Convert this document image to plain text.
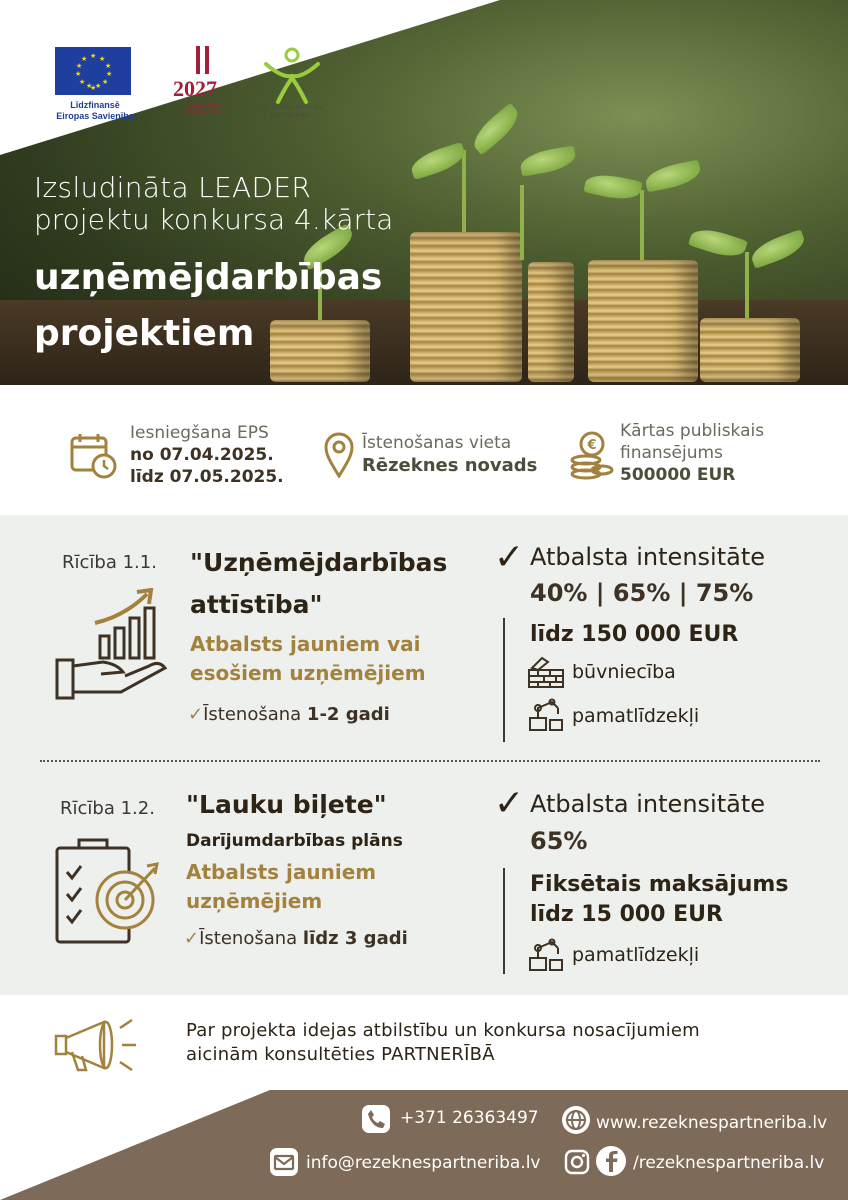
★ ★
★
★
★
★
★
★
★
★
★
★
Līdzfinansē
Eiropas Savienība
2027
Nacionālais
attīstības plāns
RĒZEKNES NOVADA
PARTNERĪBA
Izsludināta LEADER
projektu konkursa 4.kārta
uzņēmējdarbības
projektiem
Iesniegšana EPS
no 07.04.2025.
līdz 07.05.2025.
Īstenošanas vieta
Rēzeknes novads
€
Kārtas publiskais
finansējums
500000 EUR
Rīcība 1.1. "Uzņēmējdarbības
attīstība"
Atbalsts jauniem vai
esošiem uzņēmējiem
✓Īstenošana 1-2 gadi
✓ Atbalsta intensitāte
40% | 65% | 75%
līdz 150 000 EUR
būvniecība
pamatlīdzekļi
Rīcība 1.2. "Lauku biļete"
Darījumdarbības plāns
Atbalsts jauniem
uzņēmējiem
✓Īstenošana līdz 3 gadi
✓ Atbalsta intensitāte
65%
Fiksētais maksājums
līdz 15 000 EUR
pamatlīdzekļi
Par projekta idejas atbilstību un konkursa nosacījumiem
aicinām konsultēties PARTNERĪBĀ
+371 26363497	www.rezeknespartneriba.lv
info@rezeknespartneriba.lv	/rezeknespartneriba.lv
